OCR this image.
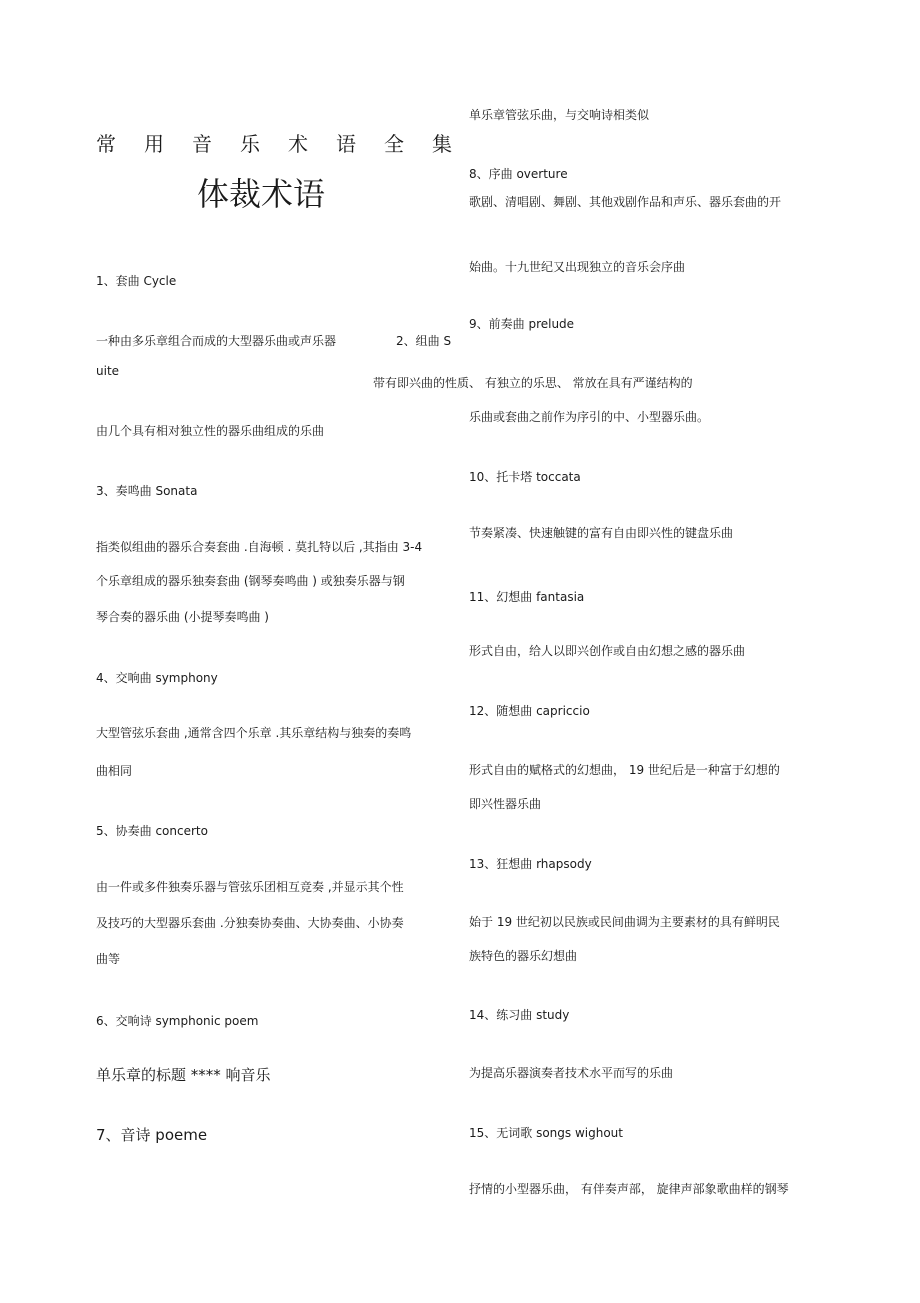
常 用 音 乐 术 语 全 集
体裁术语
1、套曲 Cycle
一种由多乐章组合而成的大型器乐曲或声乐器	2、组曲 S
uite
由几个具有相对独立性的器乐曲组成的乐曲
3、奏鸣曲 Sonata
指类似组曲的器乐合奏套曲 .自海顿 . 莫扎特以后 ,其指由 3-4
个乐章组成的器乐独奏套曲 (钢琴奏鸣曲 ) 或独奏乐器与钢
琴合奏的器乐曲 (小提琴奏鸣曲 )
4、交响曲 symphony
大型管弦乐套曲 ,通常含四个乐章 .其乐章结构与独奏的奏鸣
曲相同
5、协奏曲 concerto
由一件或多件独奏乐器与管弦乐团相互竞奏 ,并显示其个性
及技巧的大型器乐套曲 .分独奏协奏曲、大协奏曲、小协奏
曲等
6、交响诗 symphonic poem
单乐章的标题 **** 响音乐
7、音诗 poeme
单乐章管弦乐曲，与交响诗相类似
8、序曲 overture
歌剧、清唱剧、舞剧、其他戏剧作品和声乐、器乐套曲的开
始曲。十九世纪又出现独立的音乐会序曲
9、前奏曲 prelude
带有即兴曲的性质、 有独立的乐思、 常放在具有严谨结构的
乐曲或套曲之前作为序引的中、小型器乐曲。
10、托卡塔 toccata
节奏紧凑、快速触键的富有自由即兴性的键盘乐曲
11、幻想曲 fantasia
形式自由，给人以即兴创作或自由幻想之感的器乐曲
12、随想曲 capriccio
形式自由的赋格式的幻想曲， 19 世纪后是一种富于幻想的
即兴性器乐曲
13、狂想曲 rhapsody
始于 19 世纪初以民族或民间曲调为主要素材的具有鲜明民
族特色的器乐幻想曲
14、练习曲 study
为提高乐器演奏者技术水平而写的乐曲
15、无词歌 songs wighout
抒情的小型器乐曲， 有伴奏声部， 旋律声部象歌曲样的钢琴
